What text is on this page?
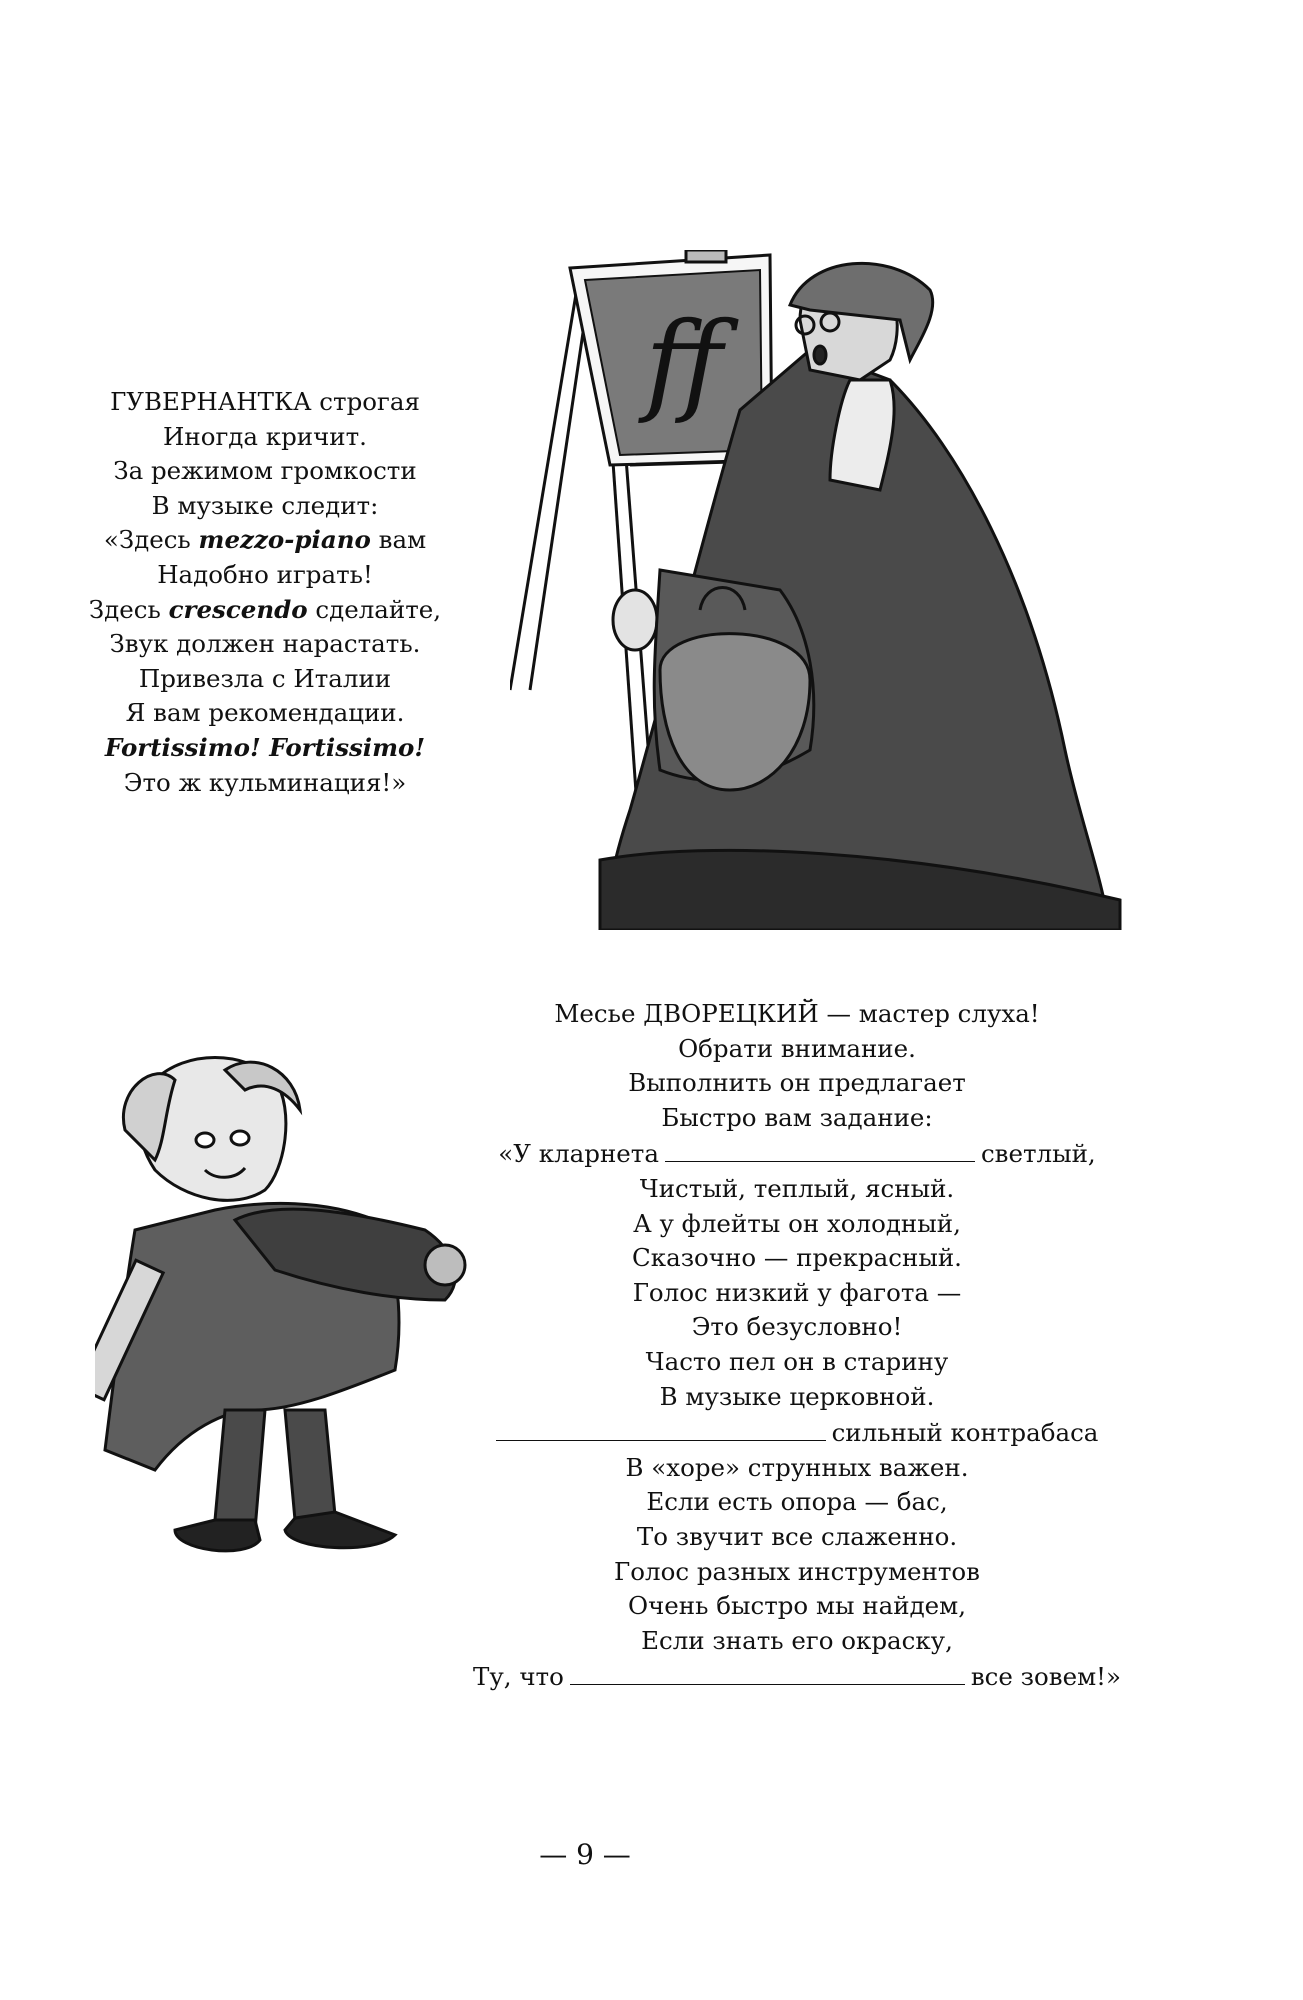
ГУВЕРНАНТКА строгая
Иногда кричит.
За режимом громкости
В музыке следит:
«Здесь mezzo-piano вам
Надобно играть!
Здесь crescendo сделайте,
Звук должен нарастать.
Привезла с Италии
Я вам рекомендации.
Fortissimo! Fortissimo!
Это ж кульминация!»
ff
Месье ДВОРЕЦКИЙ — мастер слуха!
Обрати внимание.
Выполнить он предлагает
Быстро вам задание:
«У кларнета	светлый,
Чистый, теплый, ясный.
А у флейты он холодный,
Сказочно — прекрасный.
Голос низкий у фагота —
Это безусловно!
Часто пел он в старину
В музыке церковной.
сильный контрабаса
В «хоре» струнных важен.
Если есть опора — бас,
То звучит все слаженно.
Голос разных инструментов
Очень быстро мы найдем,
Если знать его окраску,
Ту, что	все зовем!»
— 9 —
